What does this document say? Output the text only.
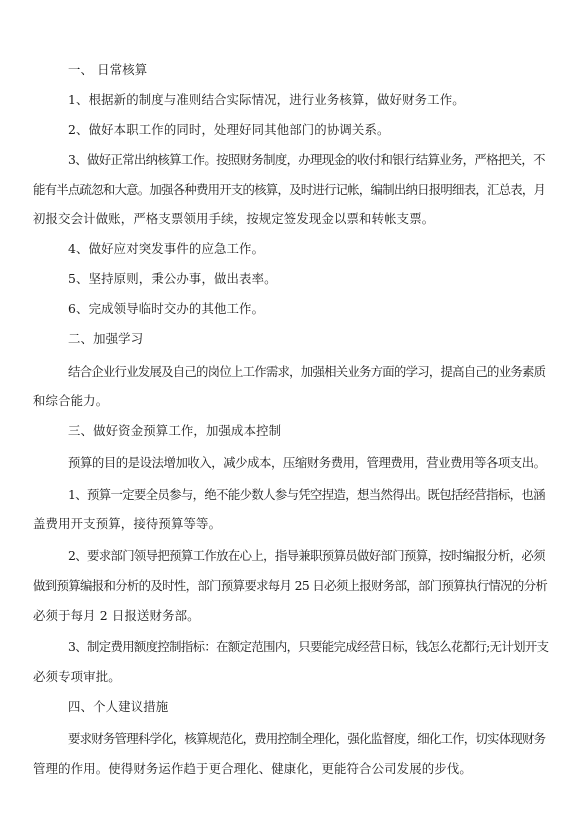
一、 日常核算
1、根据新的制度与准则结合实际情况，进行业务核算，做好财务工作。
2、做好本职工作的同时，处理好同其他部门的协调关系。
3、做好正常出纳核算工作。按照财务制度，办理现金的收付和银行结算业务，严格把关，不
能有半点疏忽和大意。加强各种费用开支的核算，及时进行记帐，编制出纳日报明细表，汇总表，月
初报交会计做账，严格支票领用手续，按规定签发现金以票和转帐支票。
4、做好应对突发事件的应急工作。
5、坚持原则，秉公办事，做出表率。
6、完成领导临时交办的其他工作。
二、加强学习
结合企业行业发展及自己的岗位上工作需求，加强相关业务方面的学习，提高自己的业务素质
和综合能力。
三、做好资金预算工作，加强成本控制
预算的目的是设法增加收入，减少成本，压缩财务费用，管理费用，营业费用等各项支出。
1、预算一定要全员参与，绝不能少数人参与凭空捏造，想当然得出。既包括经营指标，也涵
盖费用开支预算，接待预算等等。
2、要求部门领导把预算工作放在心上，指导兼职预算员做好部门预算，按时编报分析，必须
做到预算编报和分析的及时性，部门预算要求每月 25 日必须上报财务部，部门预算执行情况的分析
必须于每月 2 日报送财务部。
3、制定费用额度控制指标：在额定范围内，只要能完成经营日标，钱怎么花都行;无计划开支
必须专项审批。
四、个人建议措施
要求财务管理科学化，核算规范化，费用控制全理化，强化监督度，细化工作，切实体现财务
管理的作用。使得财务运作趋于更合理化、健康化，更能符合公司发展的步伐。
